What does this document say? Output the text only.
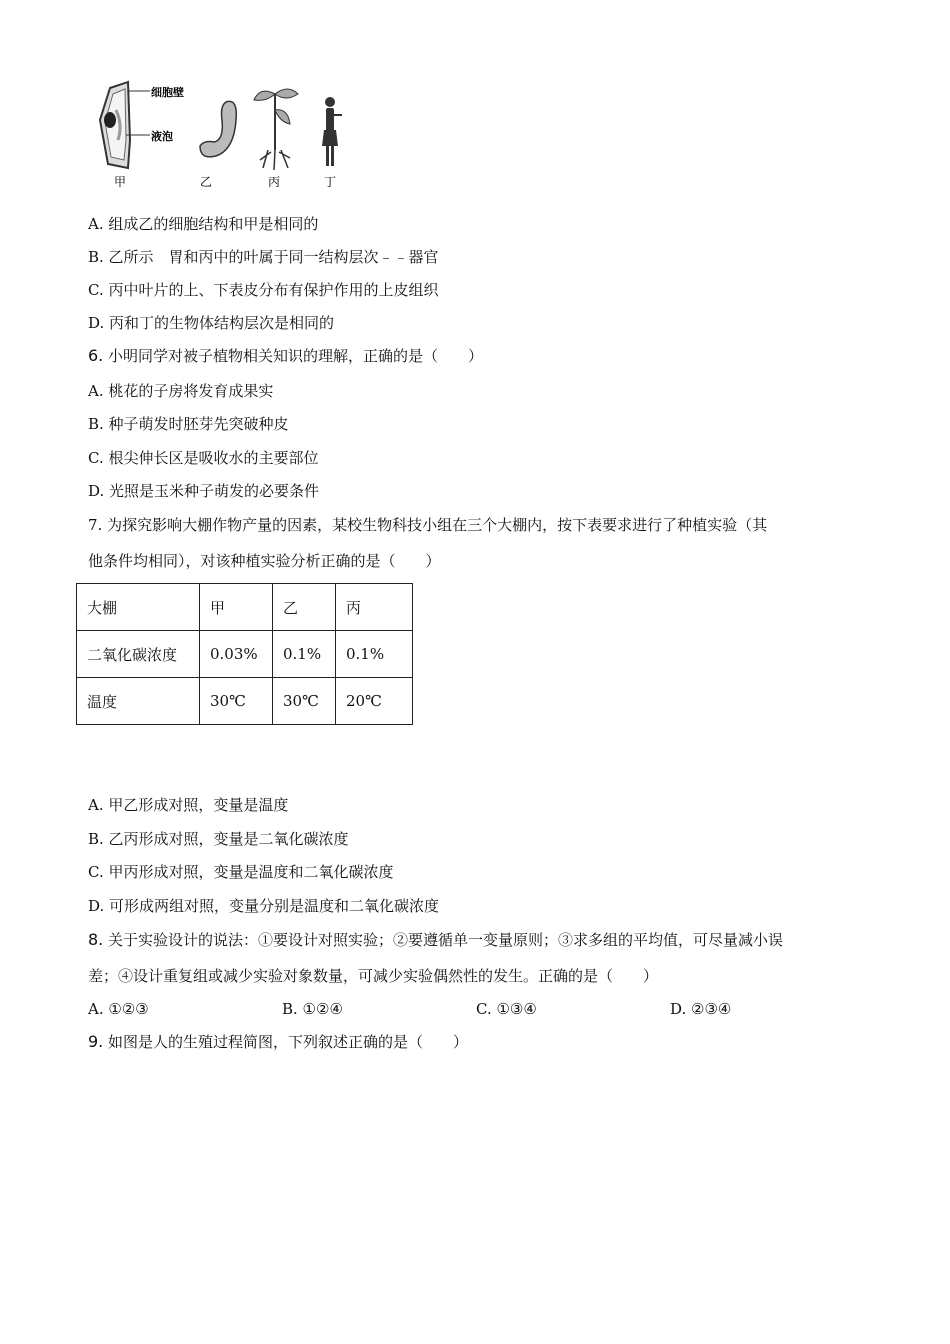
细胞壁
液泡
甲	乙	丙	丁
A. 组成乙的细胞结构和甲是相同的
B. 乙所示　胃和丙中的叶属于同一结构层次﹣﹣器官
C. 丙中叶片的上、下表皮分布有保护作用的上皮组织
D. 丙和丁的生物体结构层次是相同的
6. 小明同学对被子植物相关知识的理解，正确的是（　　）
A. 桃花的子房将发育成果实
B. 种子萌发时胚芽先突破种皮
C. 根尖伸长区是吸收水的主要部位
D. 光照是玉米种子萌发的必要条件
7. 为探究影响大棚作物产量的因素，某校生物科技小组在三个大棚内，按下表要求进行了种植实验（其
他条件均相同），对该种植实验分析正确的是（　　）
大棚	甲	乙	丙
二氧化碳浓度	0.03%	0.1%	0.1%
温度	30℃	30℃	20℃
A. 甲乙形成对照，变量是温度
B. 乙丙形成对照，变量是二氧化碳浓度
C. 甲丙形成对照，变量是温度和二氧化碳浓度
D. 可形成两组对照，变量分别是温度和二氧化碳浓度
8. 关于实验设计的说法：①要设计对照实验；②要遵循单一变量原则；③求多组的平均值，可尽量减小误
差；④设计重复组或减少实验对象数量，可减少实验偶然性的发生。正确的是（　　）
A. ①②③	B. ①②④	C. ①③④	D. ②③④
9. 如图是人的生殖过程简图，下列叙述正确的是（　　）
